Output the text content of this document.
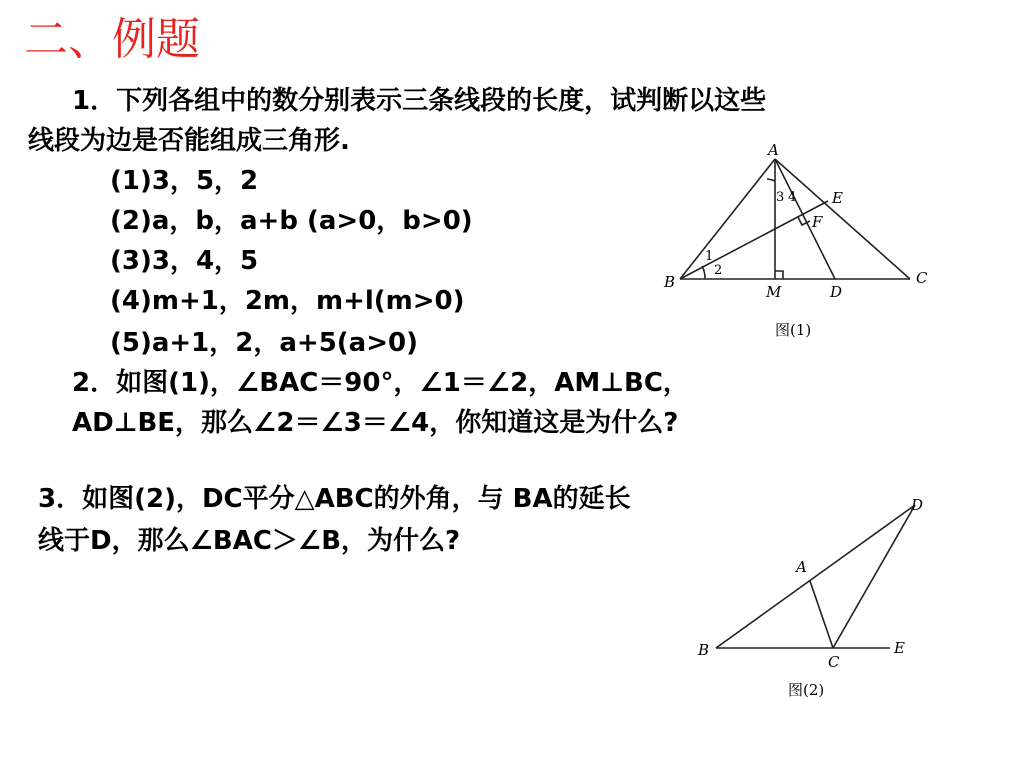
二、例题
1．下列各组中的数分别表示三条线段的长度，试判断以这些
线段为边是否能组成三角形.
(1)3，5，2
(2)a，b，a+b (a>0，b>0)
(3)3，4，5
(4)m+1，2m，m+l(m>0)
(5)a+1，2，a+5(a>0)
2．如图(1)，∠BAC＝90°，∠1＝∠2，AM⊥BC，
AD⊥BE，那么∠2＝∠3＝∠4，你知道这是为什么?
3．如图(2)，DC平分△ABC的外角，与 BA的延长
线于D，那么∠BAC＞∠B，为什么?
A
B	C
D
E
F
M
1
2
3 4
图(1)
A
B
C
D
E
图(2)
